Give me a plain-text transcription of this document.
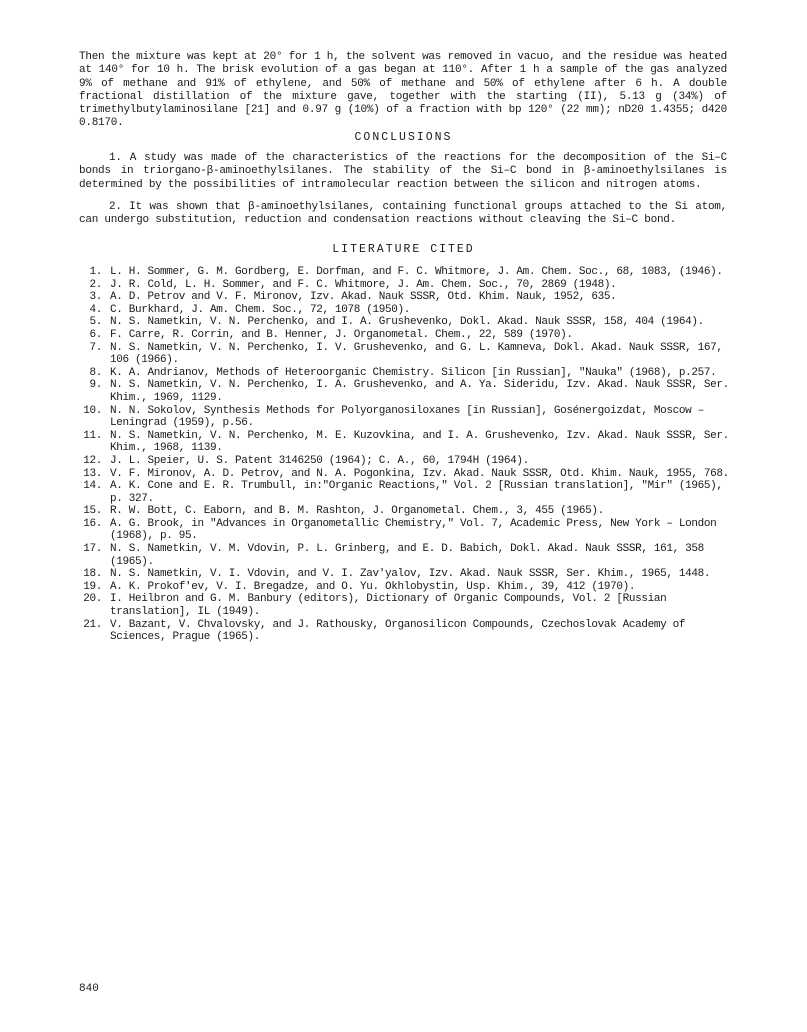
Then the mixture was kept at 20° for 1 h, the solvent was removed in vacuo, and the residue was heated at 140° for 10 h. The brisk evolution of a gas began at 110°. After 1 h a sample of the gas analyzed 9% of methane and 91% of ethylene, and 50% of methane and 50% of ethylene after 6 h. A double fractional distillation of the mixture gave, together with the starting (II), 5.13 g (34%) of trimethylbutylaminosilane [21] and 0.97 g (10%) of a fraction with bp 120° (22 mm); nD20 1.4355; d420 0.8170.

CONCLUSIONS

1. A study was made of the characteristics of the reactions for the decomposition of the Si–C bonds in triorgano-β-aminoethylsilanes. The stability of the Si–C bond in β-aminoethylsilanes is determined by the possibilities of intramolecular reaction between the silicon and nitrogen atoms.

2. It was shown that β-aminoethylsilanes, containing functional groups attached to the Si atom, can undergo substitution, reduction and condensation reactions without cleaving the Si–C bond.

LITERATURE CITED

1. L. H. Sommer, G. M. Gordberg, E. Dorfman, and F. C. Whitmore, J. Am. Chem. Soc., 68, 1083, (1946).
2. J. R. Cold, L. H. Sommer, and F. C. Whitmore, J. Am. Chem. Soc., 70, 2869 (1948).
3. A. D. Petrov and V. F. Mironov, Izv. Akad. Nauk SSSR, Otd. Khim. Nauk, 1952, 635.
4. C. Burkhard, J. Am. Chem. Soc., 72, 1078 (1950).
5. N. S. Nametkin, V. N. Perchenko, and I. A. Grushevenko, Dokl. Akad. Nauk SSSR, 158, 404 (1964).
6. F. Carre, R. Corrin, and B. Henner, J. Organometal. Chem., 22, 589 (1970).
7. N. S. Nametkin, V. N. Perchenko, I. V. Grushevenko, and G. L. Kamneva, Dokl. Akad. Nauk SSSR, 167, 106 (1966).
8. K. A. Andrianov, Methods of Heteroorganic Chemistry. Silicon [in Russian], "Nauka" (1968), p.257.
9. N. S. Nametkin, V. N. Perchenko, I. A. Grushevenko, and A. Ya. Sideridu, Izv. Akad. Nauk SSSR, Ser. Khim., 1969, 1129.
10. N. N. Sokolov, Synthesis Methods for Polyorganosiloxanes [in Russian], Gosénergoizdat, Moscow – Leningrad (1959), p.56.
11. N. S. Nametkin, V. N. Perchenko, M. E. Kuzovkina, and I. A. Grushevenko, Izv. Akad. Nauk SSSR, Ser. Khim., 1968, 1139.
12. J. L. Speier, U. S. Patent 3146250 (1964); C. A., 60, 1794H (1964).
13. V. F. Mironov, A. D. Petrov, and N. A. Pogonkina, Izv. Akad. Nauk SSSR, Otd. Khim. Nauk, 1955, 768.
14. A. K. Cone and E. R. Trumbull, in:"Organic Reactions," Vol. 2 [Russian translation], "Mir" (1965), p. 327.
15. R. W. Bott, C. Eaborn, and B. M. Rashton, J. Organometal. Chem., 3, 455 (1965).
16. A. G. Brook, in "Advances in Organometallic Chemistry," Vol. 7, Academic Press, New York – London (1968), p. 95.
17. N. S. Nametkin, V. M. Vdovin, P. L. Grinberg, and E. D. Babich, Dokl. Akad. Nauk SSSR, 161, 358 (1965).
18. N. S. Nametkin, V. I. Vdovin, and V. I. Zav'yalov, Izv. Akad. Nauk SSSR, Ser. Khim., 1965, 1448.
19. A. K. Prokof'ev, V. I. Bregadze, and O. Yu. Okhlobystin, Usp. Khim., 39, 412 (1970).
20. I. Heilbron and G. M. Banbury (editors), Dictionary of Organic Compounds, Vol. 2 [Russian translation], IL (1949).
21. V. Bazant, V. Chvalovsky, and J. Rathousky, Organosilicon Compounds, Czechoslovak Academy of Sciences, Prague (1965).

840
